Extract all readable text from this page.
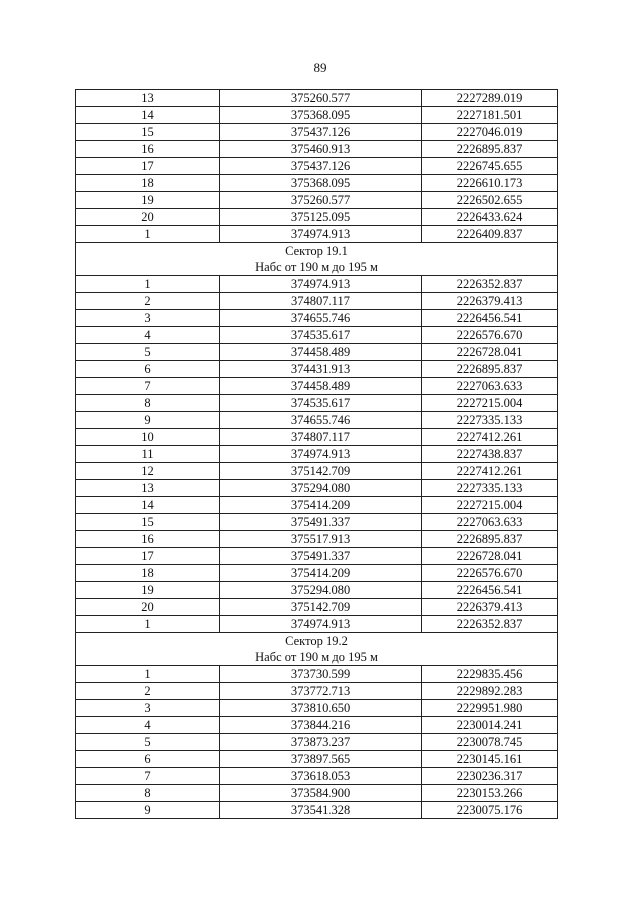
89
13	375260.577	2227289.019
14	375368.095	2227181.501
15	375437.126	2227046.019
16	375460.913	2226895.837
17	375437.126	2226745.655
18	375368.095	2226610.173
19	375260.577	2226502.655
20	375125.095	2226433.624
1	374974.913	2226409.837

Сектор 19.1
Набс от 190 м до 195 м		

1	374974.913	2226352.837
2	374807.117	2226379.413
3	374655.746	2226456.541
4	374535.617	2226576.670
5	374458.489	2226728.041
6	374431.913	2226895.837
7	374458.489	2227063.633
8	374535.617	2227215.004
9	374655.746	2227335.133
10	374807.117	2227412.261
11	374974.913	2227438.837
12	375142.709	2227412.261
13	375294.080	2227335.133
14	375414.209	2227215.004
15	375491.337	2227063.633
16	375517.913	2226895.837
17	375491.337	2226728.041
18	375414.209	2226576.670
19	375294.080	2226456.541
20	375142.709	2226379.413
1	374974.913	2226352.837

Сектор 19.2
Набс от 190 м до 195 м		

1	373730.599	2229835.456
2	373772.713	2229892.283
3	373810.650	2229951.980
4	373844.216	2230014.241
5	373873.237	2230078.745
6	373897.565	2230145.161
7	373618.053	2230236.317
8	373584.900	2230153.266
9	373541.328	2230075.176
